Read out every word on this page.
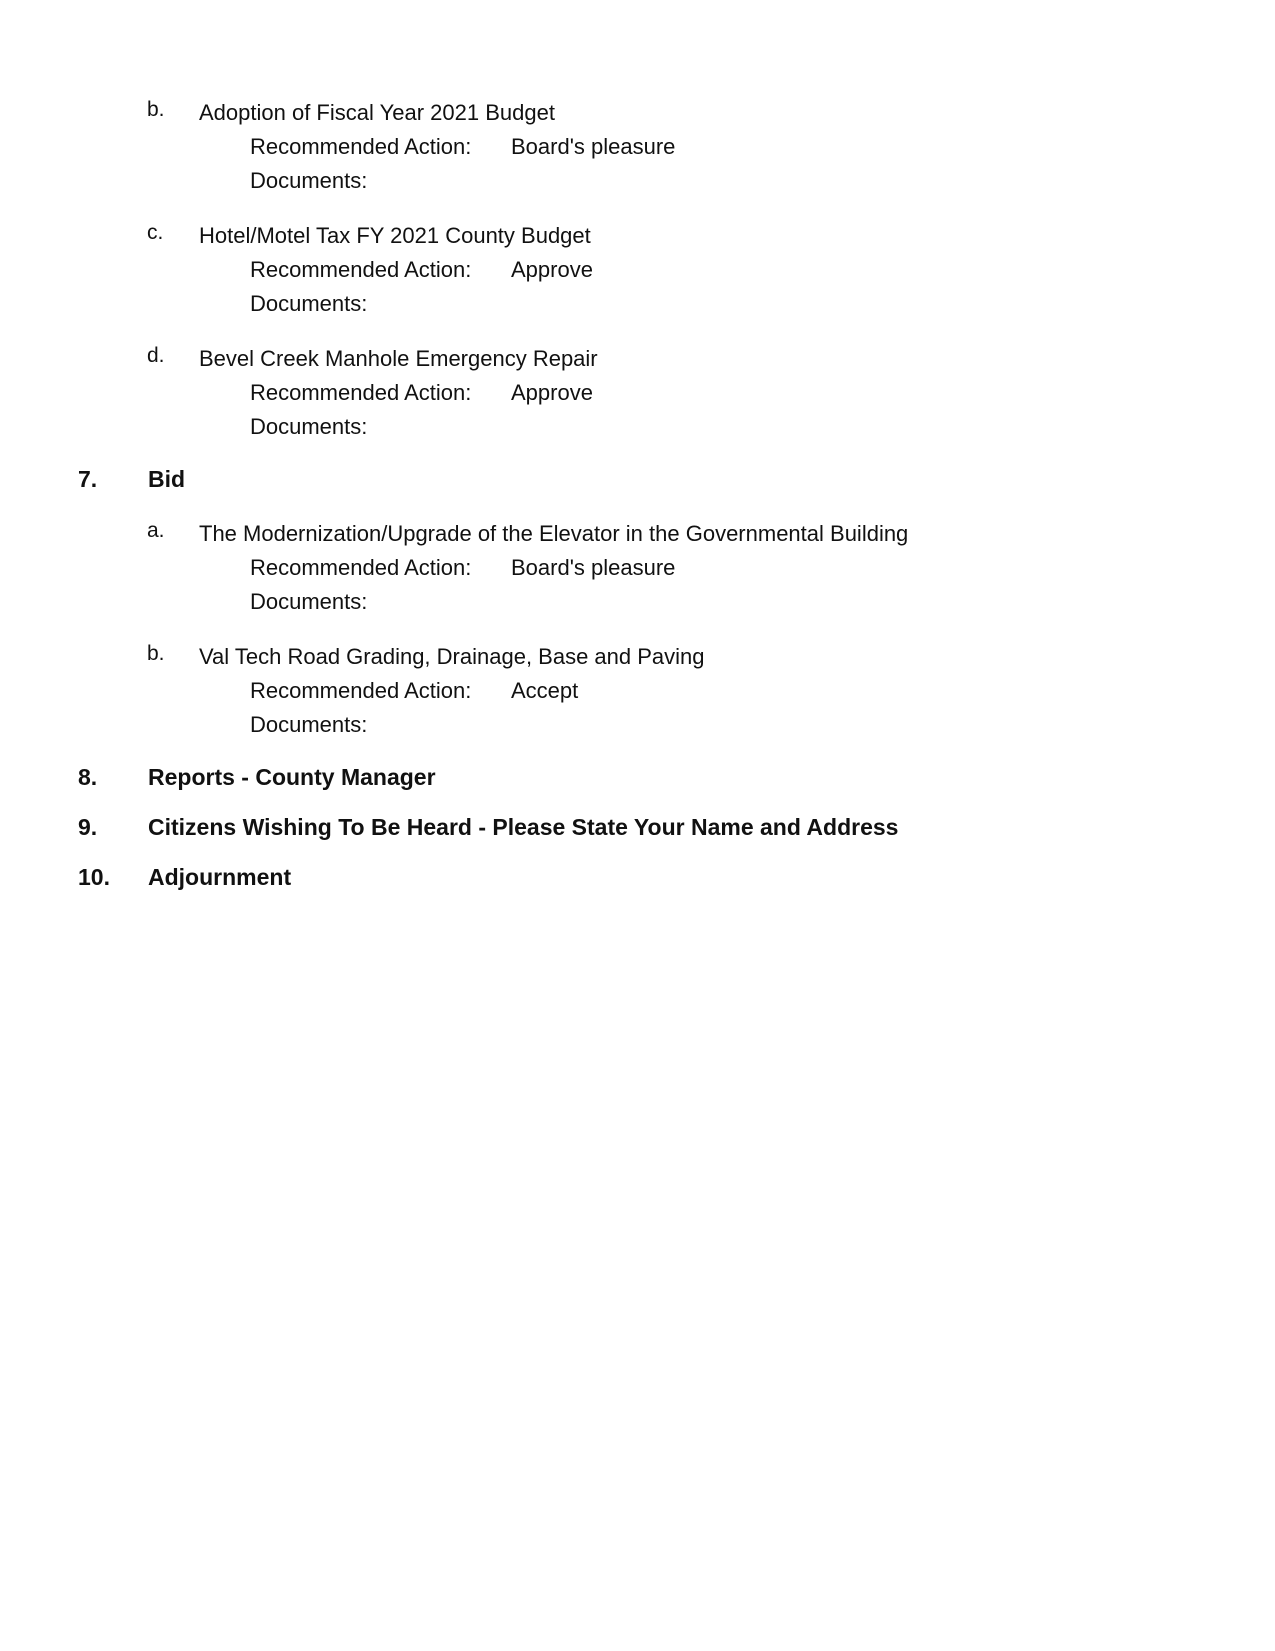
b. Adoption of Fiscal Year 2021 Budget
Recommended Action: Board's pleasure
Documents:
c. Hotel/Motel Tax FY 2021 County Budget
Recommended Action: Approve
Documents:
d. Bevel Creek Manhole Emergency Repair
Recommended Action: Approve
Documents:
7. Bid
a. The Modernization/Upgrade of the Elevator in the Governmental Building
Recommended Action: Board's pleasure
Documents:
b. Val Tech Road Grading, Drainage, Base and Paving
Recommended Action: Accept
Documents:
8. Reports - County Manager
9. Citizens Wishing To Be Heard - Please State Your Name and Address
10. Adjournment
